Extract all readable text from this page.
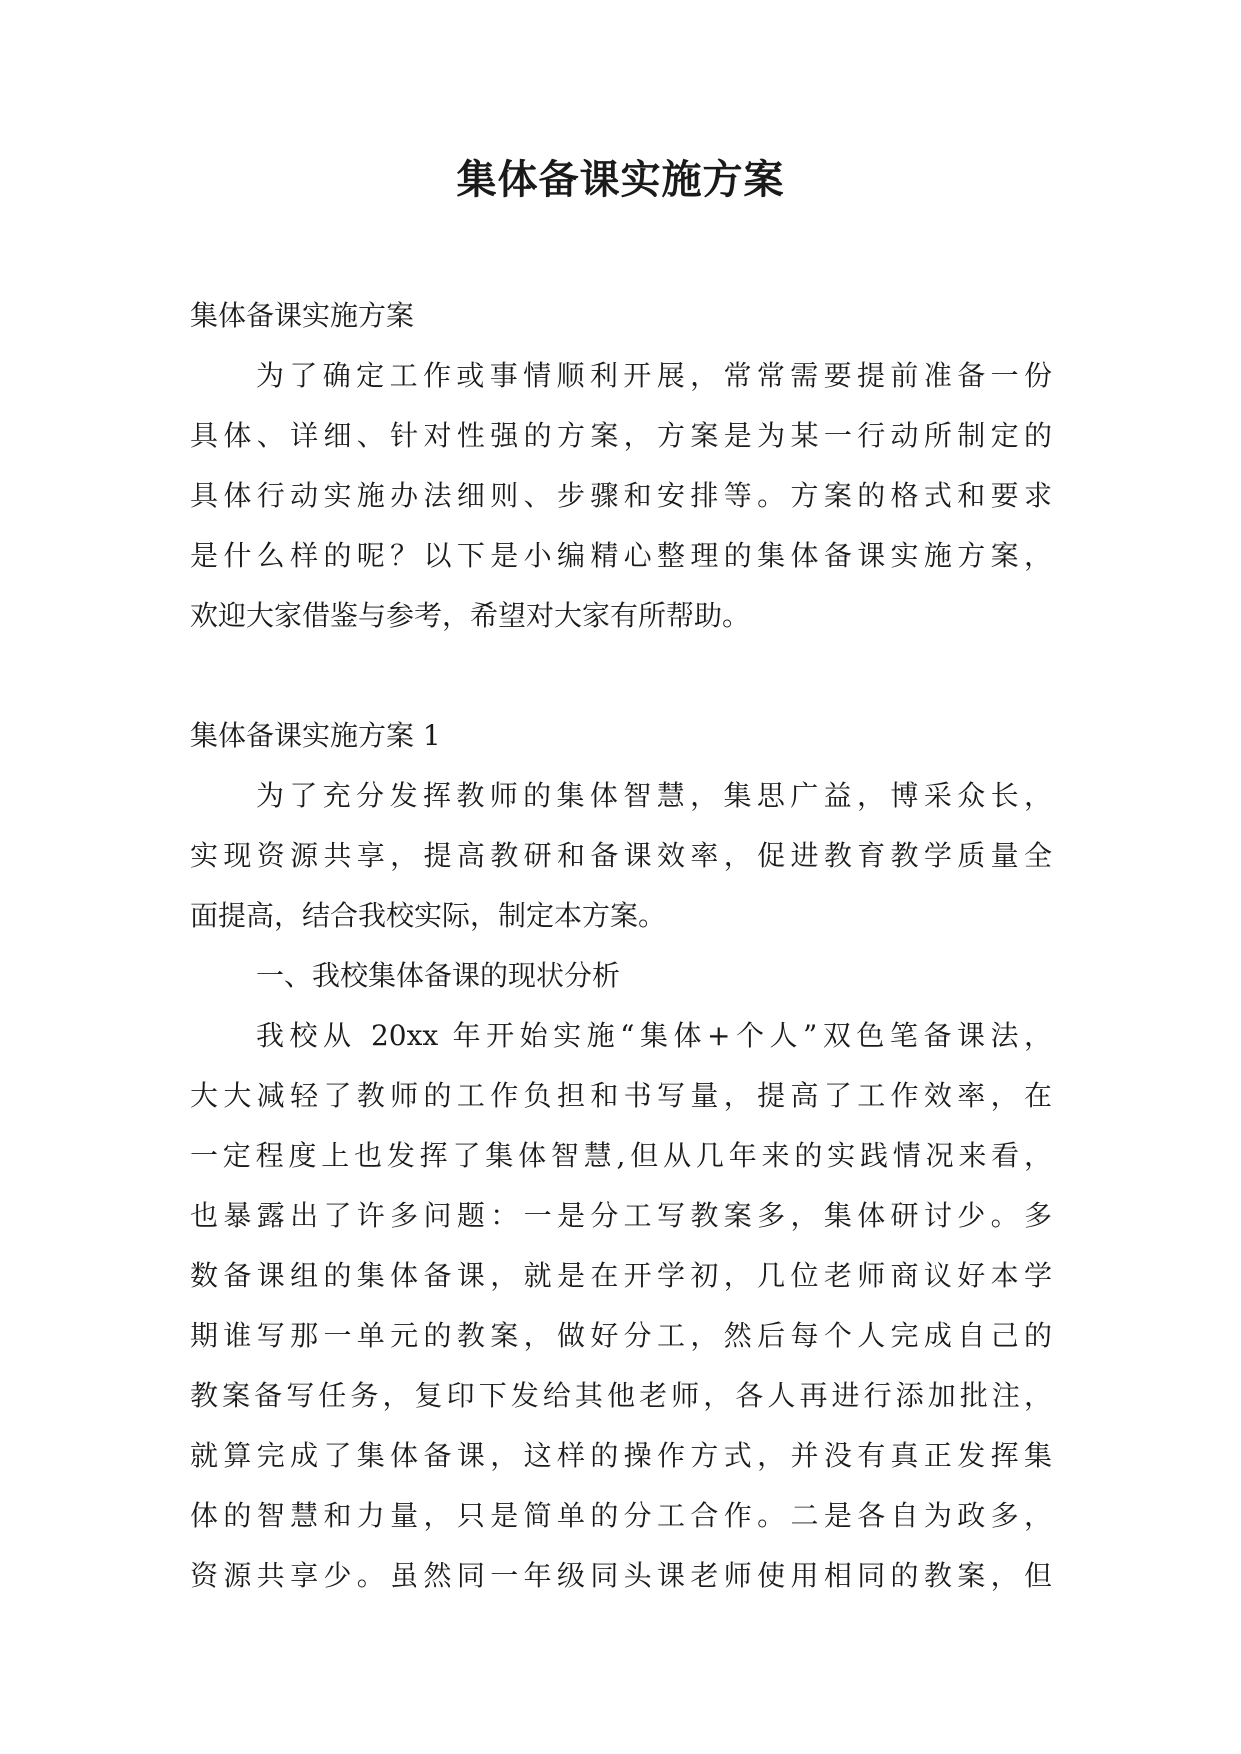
集体备课实施方案
集体备课实施方案
为了确定工作或事情顺利开展，常常需要提前准备一份
具体、详细、针对性强的方案，方案是为某一行动所制定的
具体行动实施办法细则、步骤和安排等。方案的格式和要求
是什么样的呢？以下是小编精心整理的集体备课实施方案，
欢迎大家借鉴与参考，希望对大家有所帮助。
集体备课实施方案 1
为了充分发挥教师的集体智慧，集思广益，博采众长，
实现资源共享，提高教研和备课效率，促进教育教学质量全
面提高，结合我校实际，制定本方案。
一、我校集体备课的现状分析
我校从 20xx 年开始实施“集体+个人”双色笔备课法，
大大减轻了教师的工作负担和书写量，提高了工作效率，在
一定程度上也发挥了集体智慧,但从几年来的实践情况来看，
也暴露出了许多问题：一是分工写教案多，集体研讨少。多
数备课组的集体备课，就是在开学初，几位老师商议好本学
期谁写那一单元的教案，做好分工，然后每个人完成自己的
教案备写任务，复印下发给其他老师，各人再进行添加批注，
就算完成了集体备课，这样的操作方式，并没有真正发挥集
体的智慧和力量，只是简单的分工合作。二是各自为政多，
资源共享少。虽然同一年级同头课老师使用相同的教案，但
